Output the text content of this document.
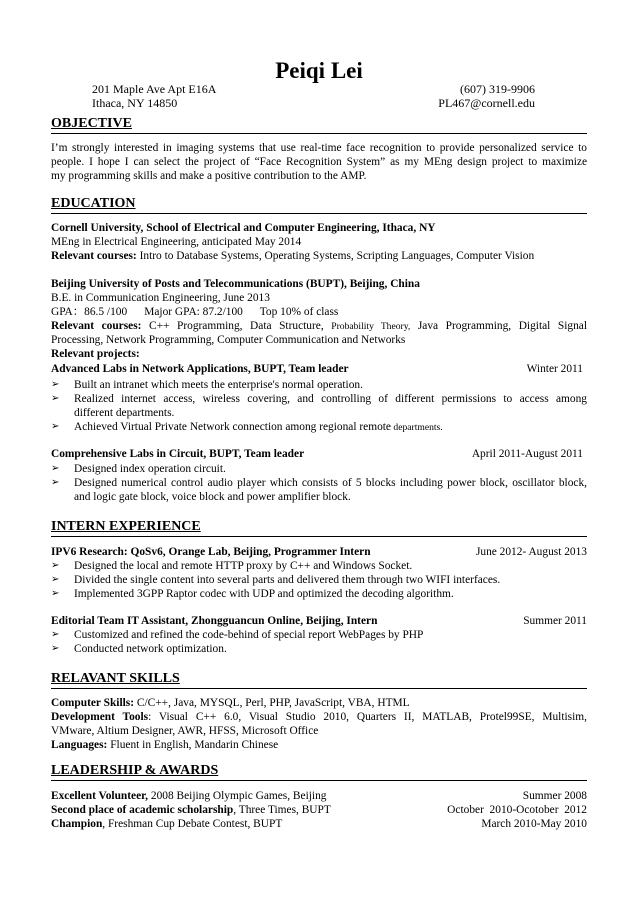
Peiqi Lei
201 Maple Ave Apt E16A
Ithaca, NY 14850
(607) 319-9906
PL467@cornell.edu
OBJECTIVE
I’m strongly interested in imaging systems that use real-time face recognition to provide personalized service to
people. I hope I can select the project of “Face Recognition System” as my MEng design project to maximize
my programming skills and make a positive contribution to the AMP.
EDUCATION
Cornell University, School of Electrical and Computer Engineering, Ithaca, NY
MEng in Electrical Engineering, anticipated May 2014
Relevant courses: Intro to Database Systems, Operating Systems, Scripting Languages, Computer Vision
Beijing University of Posts and Telecommunications (BUPT), Beijing, China
B.E. in Communication Engineering, June 2013
GPA：86.5 /100      Major GPA: 87.2/100      Top 10% of class
Relevant courses: C++ Programming, Data Structure, Probability Theory, Java Programming, Digital Signal
Processing, Network Programming, Computer Communication and Networks
Relevant projects:
Advanced Labs in Network Applications, BUPT, Team leader	Winter 2011
➢ Built an intranet which meets the enterprise's normal operation.
➢ Realized internet access, wireless covering, and controlling of different permissions to access among
different departments.
➢ Achieved Virtual Private Network connection among regional remote departments.
Comprehensive Labs in Circuit, BUPT, Team leader	April 2011-August 2011
➢ Designed index operation circuit.
➢ Designed numerical control audio player which consists of 5 blocks including power block, oscillator block,
and logic gate block, voice block and power amplifier block.
INTERN EXPERIENCE
IPV6 Research: QoSv6, Orange Lab, Beijing, Programmer Intern	June 2012- August 2013
➢ Designed the local and remote HTTP proxy by C++ and Windows Socket.
➢ Divided the single content into several parts and delivered them through two WIFI interfaces.
➢ Implemented 3GPP Raptor codec with UDP and optimized the decoding algorithm.
Editorial Team IT Assistant, Zhongguancun Online, Beijing, Intern	Summer 2011
➢ Customized and refined the code-behind of special report WebPages by PHP
➢ Conducted network optimization.
RELAVANT SKILLS
Computer Skills: C/C++, Java, MYSQL, Perl, PHP, JavaScript, VBA, HTML
Development Tools: Visual C++ 6.0, Visual Studio 2010, Quarters II, MATLAB, Protel99SE, Multisim,
VMware, Altium Designer, AWR, HFSS, Microsoft Office
Languages: Fluent in English, Mandarin Chinese
LEADERSHIP & AWARDS
Excellent Volunteer, 2008 Beijing Olympic Games, Beijing	Summer 2008
Second place of academic scholarship, Three Times, BUPT	October  2010-Ocotober  2012
Champion, Freshman Cup Debate Contest, BUPT	March 2010-May 2010
